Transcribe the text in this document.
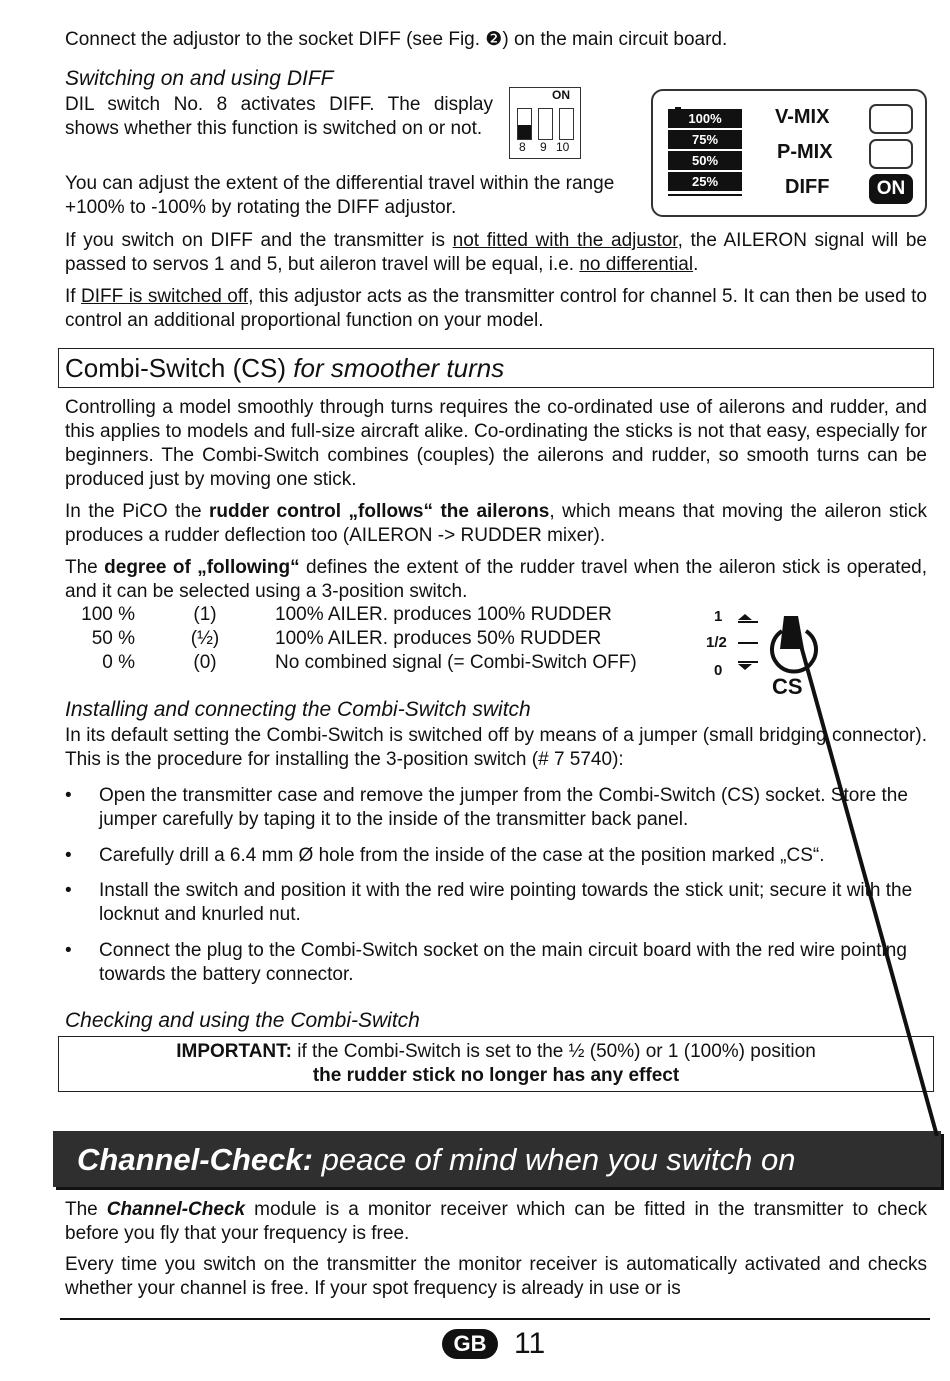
Connect the adjustor to the socket DIFF (see Fig. ❷) on the main circuit board.
Switching on and using DIFF
DIL switch No. 8 activates DIFF. The display shows whether this function is switched on or not.
ON
8 9 10
100%
75%
50%
25%
V-MIX
P-MIX
DIFF	ON
You can adjust the extent of the differential travel within the range +100% to -100% by rotating the DIFF adjustor.
If you switch on DIFF and the transmitter is not fitted with the adjustor, the AILERON signal will be passed to servos 1 and 5, but aileron travel will be equal, i.e. no differential.
If DIFF is switched off, this adjustor acts as the transmitter control for channel 5. It can then be used to control an additional proportional function on your model.
Combi-Switch (CS) for smoother turns
Controlling a model smoothly through turns requires the co-ordinated use of ailerons and rudder, and this applies to models and full-size aircraft alike. Co-ordinating the sticks is not that easy, especially for beginners. The Combi-Switch combines (couples) the ailerons and rudder, so smooth turns can be produced just by moving one stick.
In the PiCO the rudder control „follows“ the ailerons, which means that moving the aileron stick produces a rudder deflection too (AILERON -> RUDDER mixer).
The degree of „following“ defines the extent of the rudder travel when the aileron stick is operated, and it can be selected using a 3-position switch.
100 %	(1)	100% AILER. produces 100% RUDDER
50 %	(½)	100% AILER. produces 50% RUDDER
0 %	(0)	No combined signal (= Combi-Switch OFF)
1
1/2
0
CS
Installing and connecting the Combi-Switch switch
In its default setting the Combi-Switch is switched off by means of a jumper (small bridging connector). This is the procedure for installing the 3-position switch (# 7 5740):
• Open the transmitter case and remove the jumper from the Combi-Switch (CS) socket. Store the jumper carefully by taping it to the inside of the transmitter back panel.
• Carefully drill a 6.4 mm Ø hole from the inside of the case at the position marked „CS“.
• Install the switch and position it with the red wire pointing towards the stick unit; secure it with the locknut and knurled nut.
• Connect the plug to the Combi-Switch socket on the main circuit board with the red wire pointing towards the battery connector.
Checking and using the Combi-Switch
IMPORTANT: if the Combi-Switch is set to the ½ (50%) or 1 (100%) position
the rudder stick no longer has any effect
Channel-Check: peace of mind when you switch on
The Channel-Check module is a monitor receiver which can be fitted in the transmitter to check before you fly that your frequency is free.
Every time you switch on the transmitter the monitor receiver is automatically activated and checks whether your channel is free. If your spot frequency is already in use or is
GB 11
